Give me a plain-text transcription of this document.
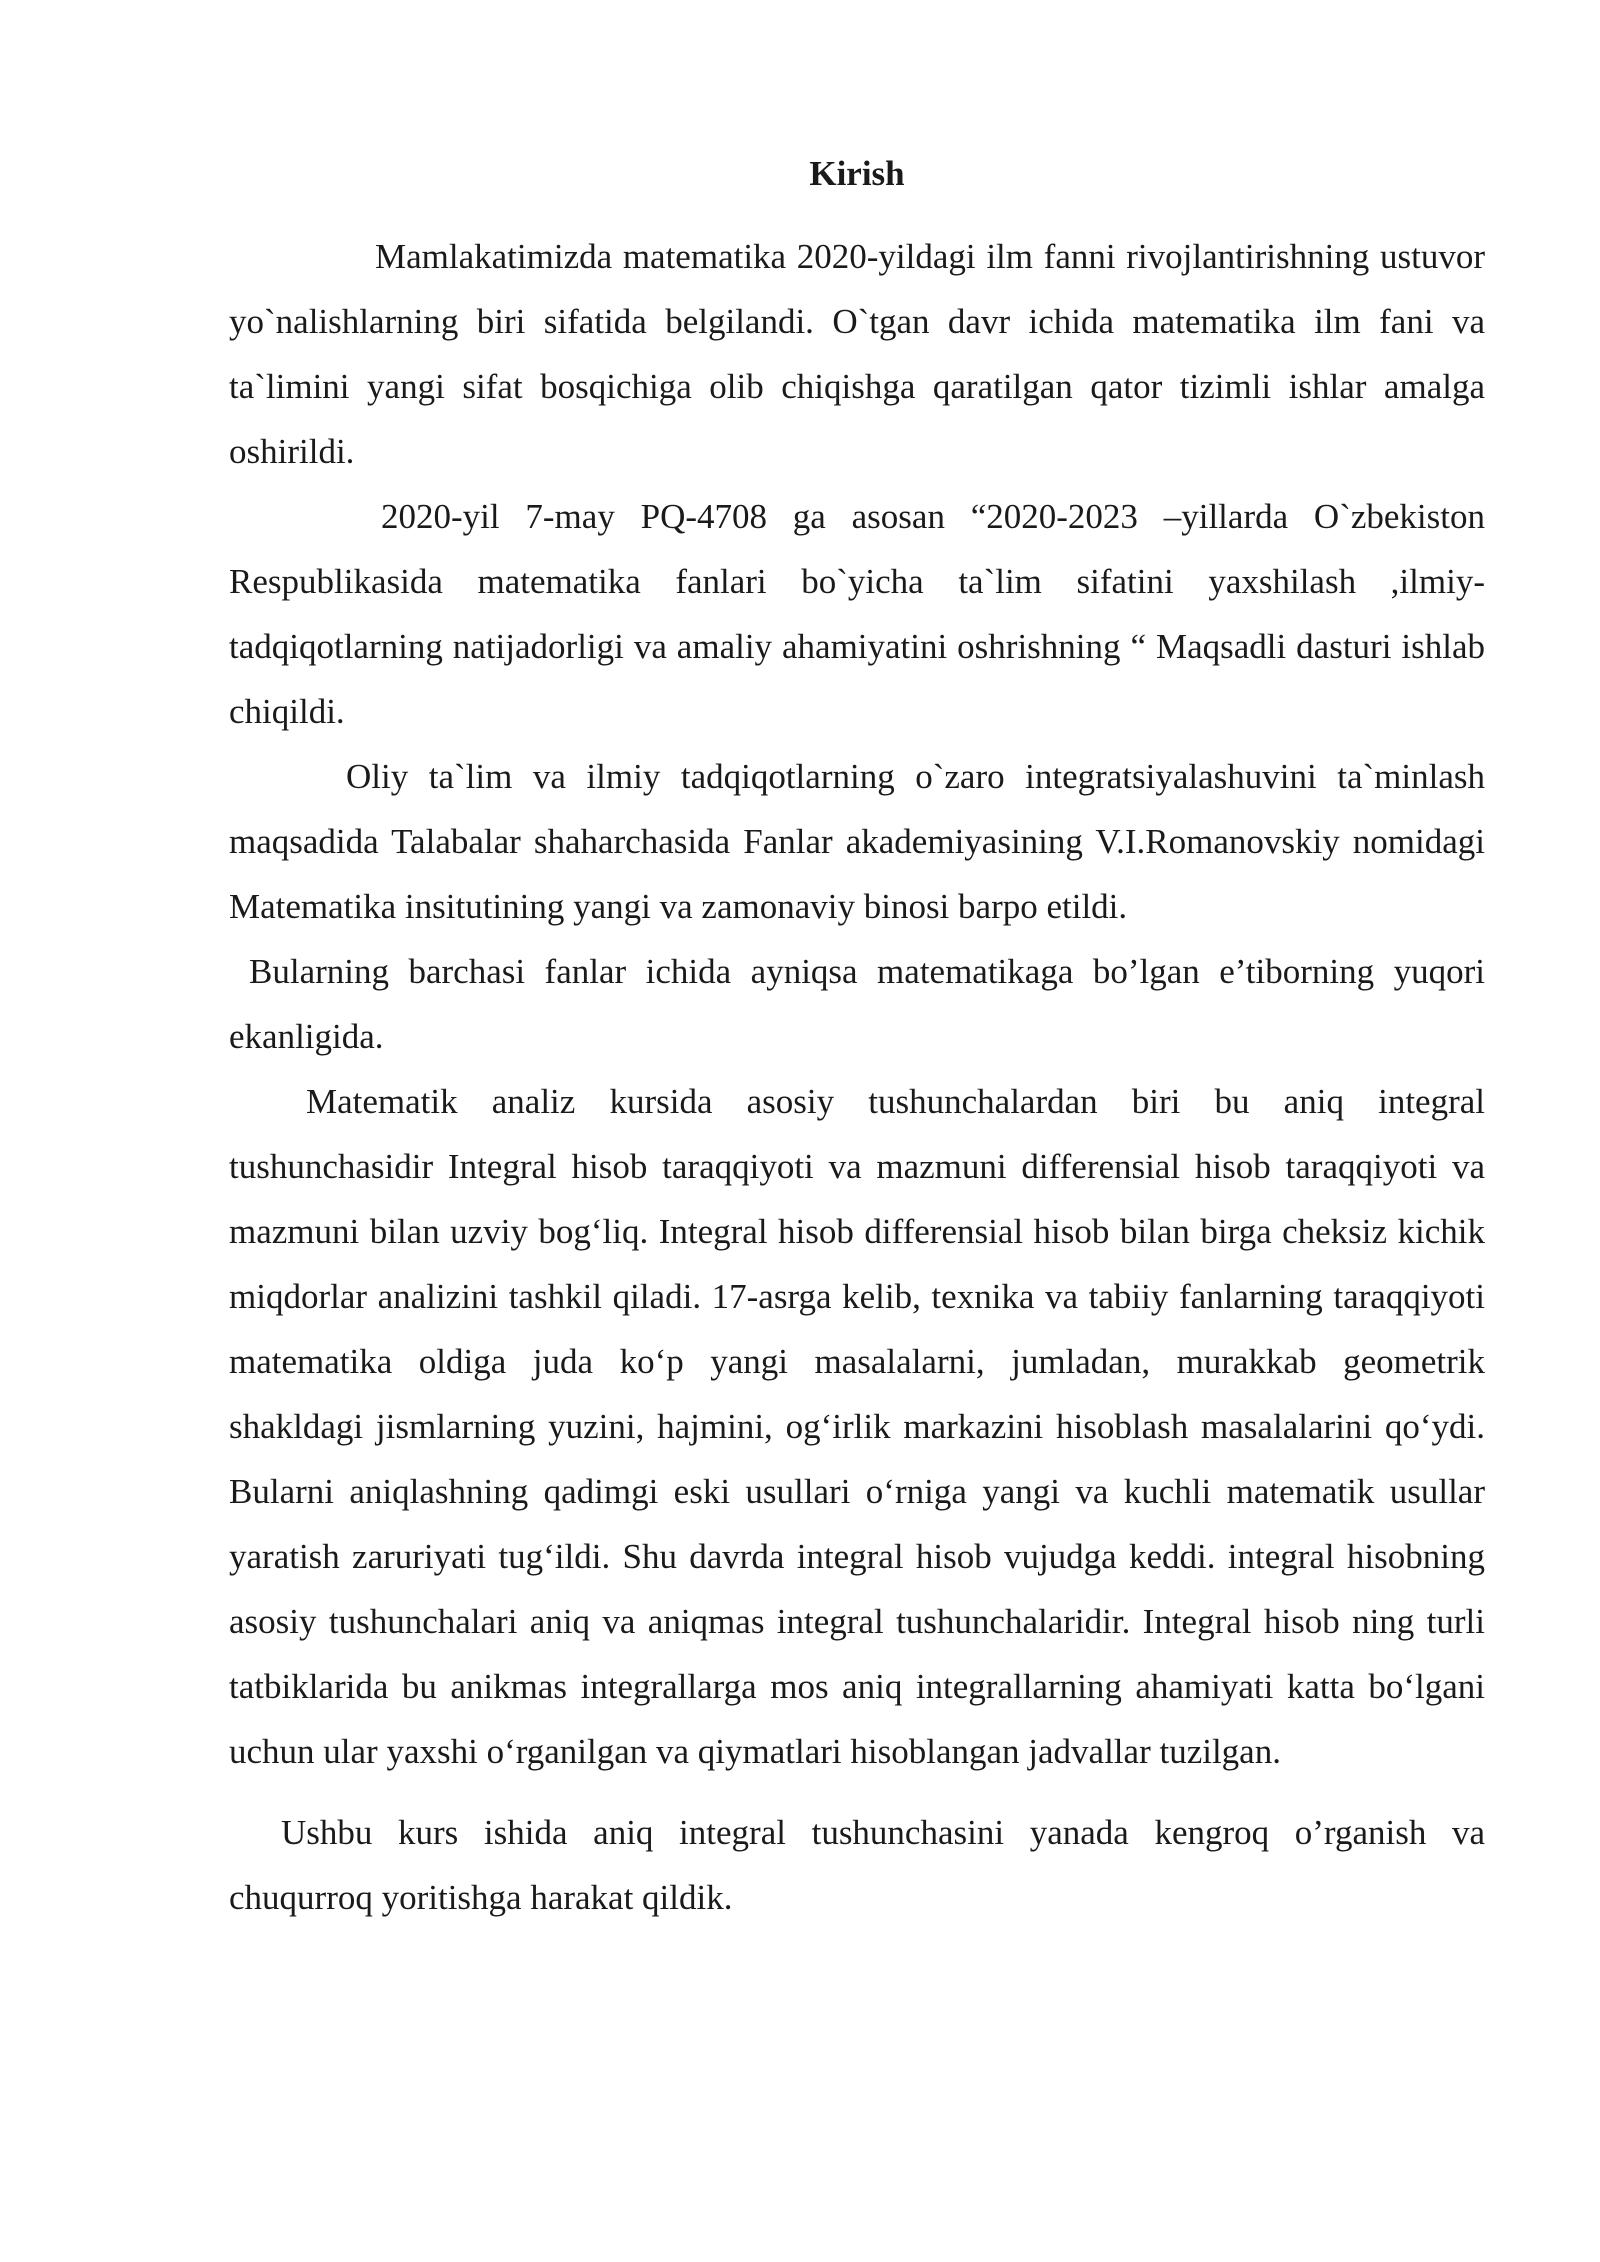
Kirish

Mamlakatimizda matematika 2020-yildagi ilm fanni rivojlantirishning ustuvor yo`nalishlarning biri sifatida belgilandi. O`tgan davr ichida matematika ilm fani va ta`limini yangi sifat bosqichiga olib chiqishga qaratilgan qator tizimli ishlar amalga oshirildi.

2020-yil 7-may PQ-4708 ga asosan “2020-2023 –yillarda O`zbekiston Respublikasida matematika fanlari bo`yicha ta`lim sifatini yaxshilash ,ilmiy-tadqiqotlarning natijadorligi va amaliy ahamiyatini oshrishning “ Maqsadli dasturi ishlab chiqildi.

Oliy ta`lim va ilmiy tadqiqotlarning o`zaro integratsiyalashuvini ta`minlash maqsadida Talabalar shaharchasida Fanlar akademiyasining V.I.Romanovskiy nomidagi Matematika insitutining yangi va zamonaviy binosi barpo etildi.

Bularning barchasi fanlar ichida ayniqsa matematikaga bo’lgan e’tiborning yuqori ekanligida.

Matematik analiz kursida asosiy tushunchalardan biri bu aniq integral tushunchasidir Integral hisob taraqqiyoti va mazmuni differensial hisob taraqqiyoti va mazmuni bilan uzviy bog‘liq. Integral hisob differensial hisob bilan birga cheksiz kichik miqdorlar analizini tashkil qiladi. 17-asrga kelib, texnika va tabiiy fanlarning taraqqiyoti matematika oldiga juda ko‘p yangi masalalarni, jumladan, murakkab geometrik shakldagi jismlarning yuzini, hajmini, og‘irlik markazini hisoblash masalalarini qo‘ydi. Bularni aniqlashning qadimgi eski usullari o‘rniga yangi va kuchli matematik usullar yaratish zaruriyati tug‘ildi. Shu davrda integral hisob vujudga keddi. integral hisobning asosiy tushunchalari aniq va aniqmas integral tushunchalaridir. Integral hisob ning turli tatbiklarida bu anikmas integrallarga mos aniq integrallarning ahamiyati katta bo‘lgani uchun ular yaxshi o‘rganilgan va qiymatlari hisoblangan jadvallar tuzilgan.

Ushbu kurs ishida aniq integral tushunchasini yanada kengroq o’rganish va chuqurroq yoritishga harakat qildik.
